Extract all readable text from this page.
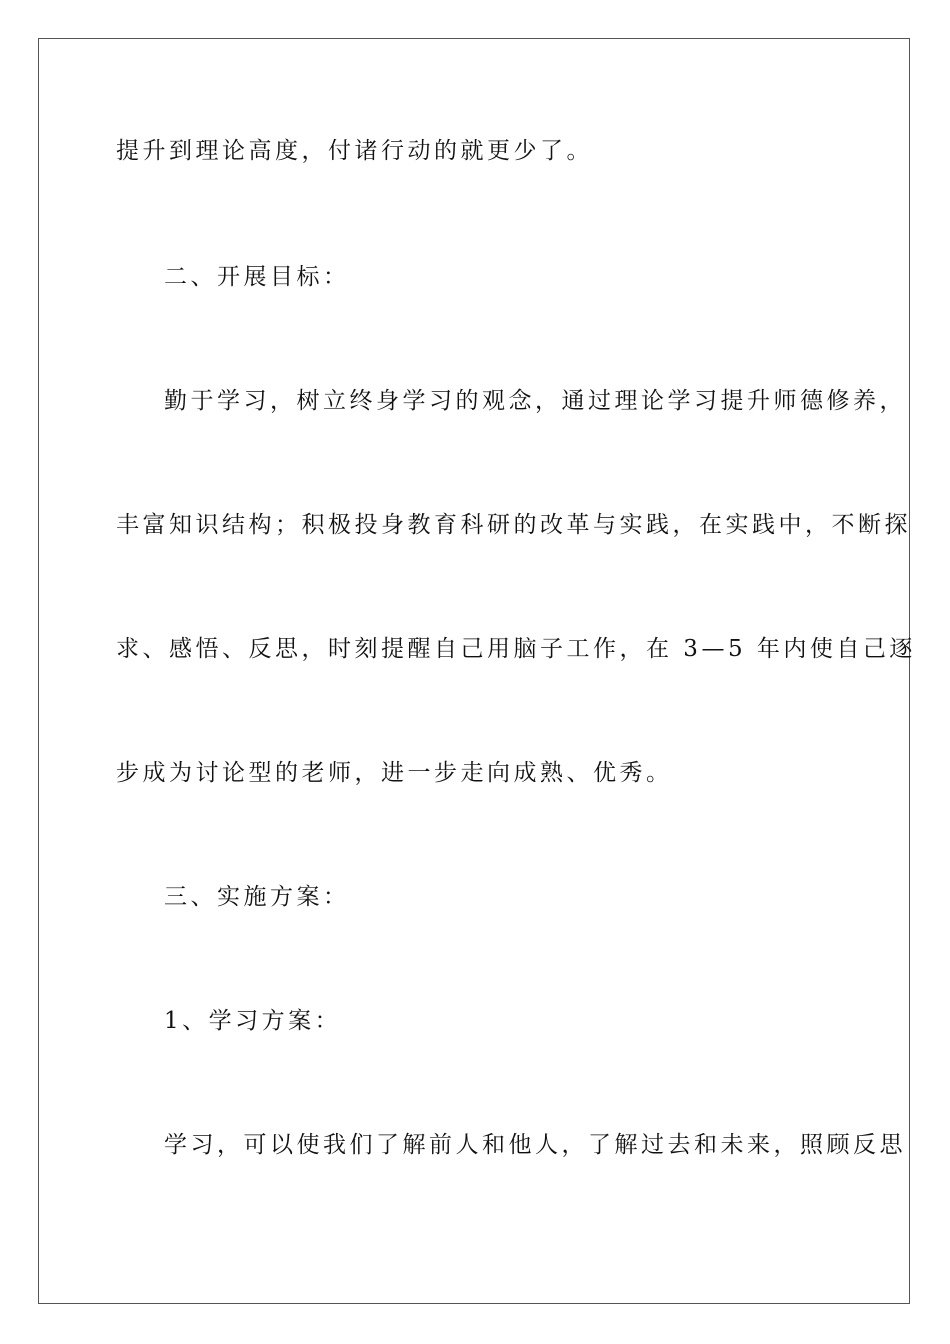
提升到理论高度，付诸行动的就更少了。
二、开展目标：
勤于学习，树立终身学习的观念，通过理论学习提升师德修养，
丰富知识结构；积极投身教育科研的改革与实践，在实践中，不断探
求、感悟、反思，时刻提醒自己用脑子工作，在 3—5 年内使自己逐
步成为讨论型的老师，进一步走向成熟、优秀。
三、实施方案：
1、学习方案：
学习，可以使我们了解前人和他人，了解过去和未来，照顾反思
